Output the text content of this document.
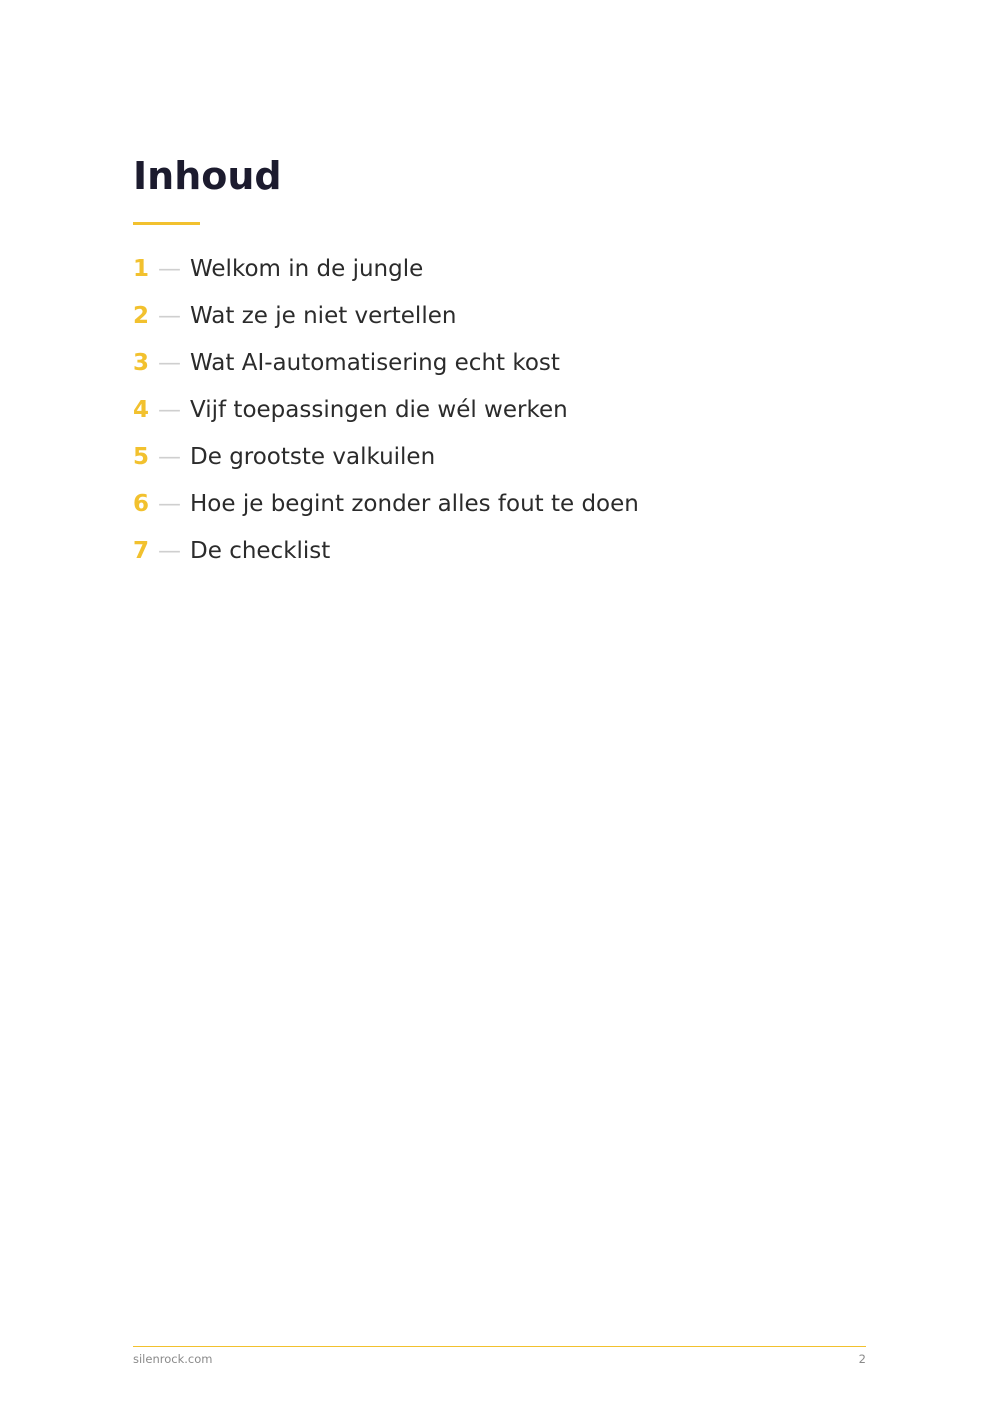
Inhoud
1 — Welkom in de jungle
2 — Wat ze je niet vertellen
3 — Wat AI-automatisering echt kost
4 — Vijf toepassingen die wél werken
5 — De grootste valkuilen
6 — Hoe je begint zonder alles fout te doen
7 — De checklist
silenrock.com	2
